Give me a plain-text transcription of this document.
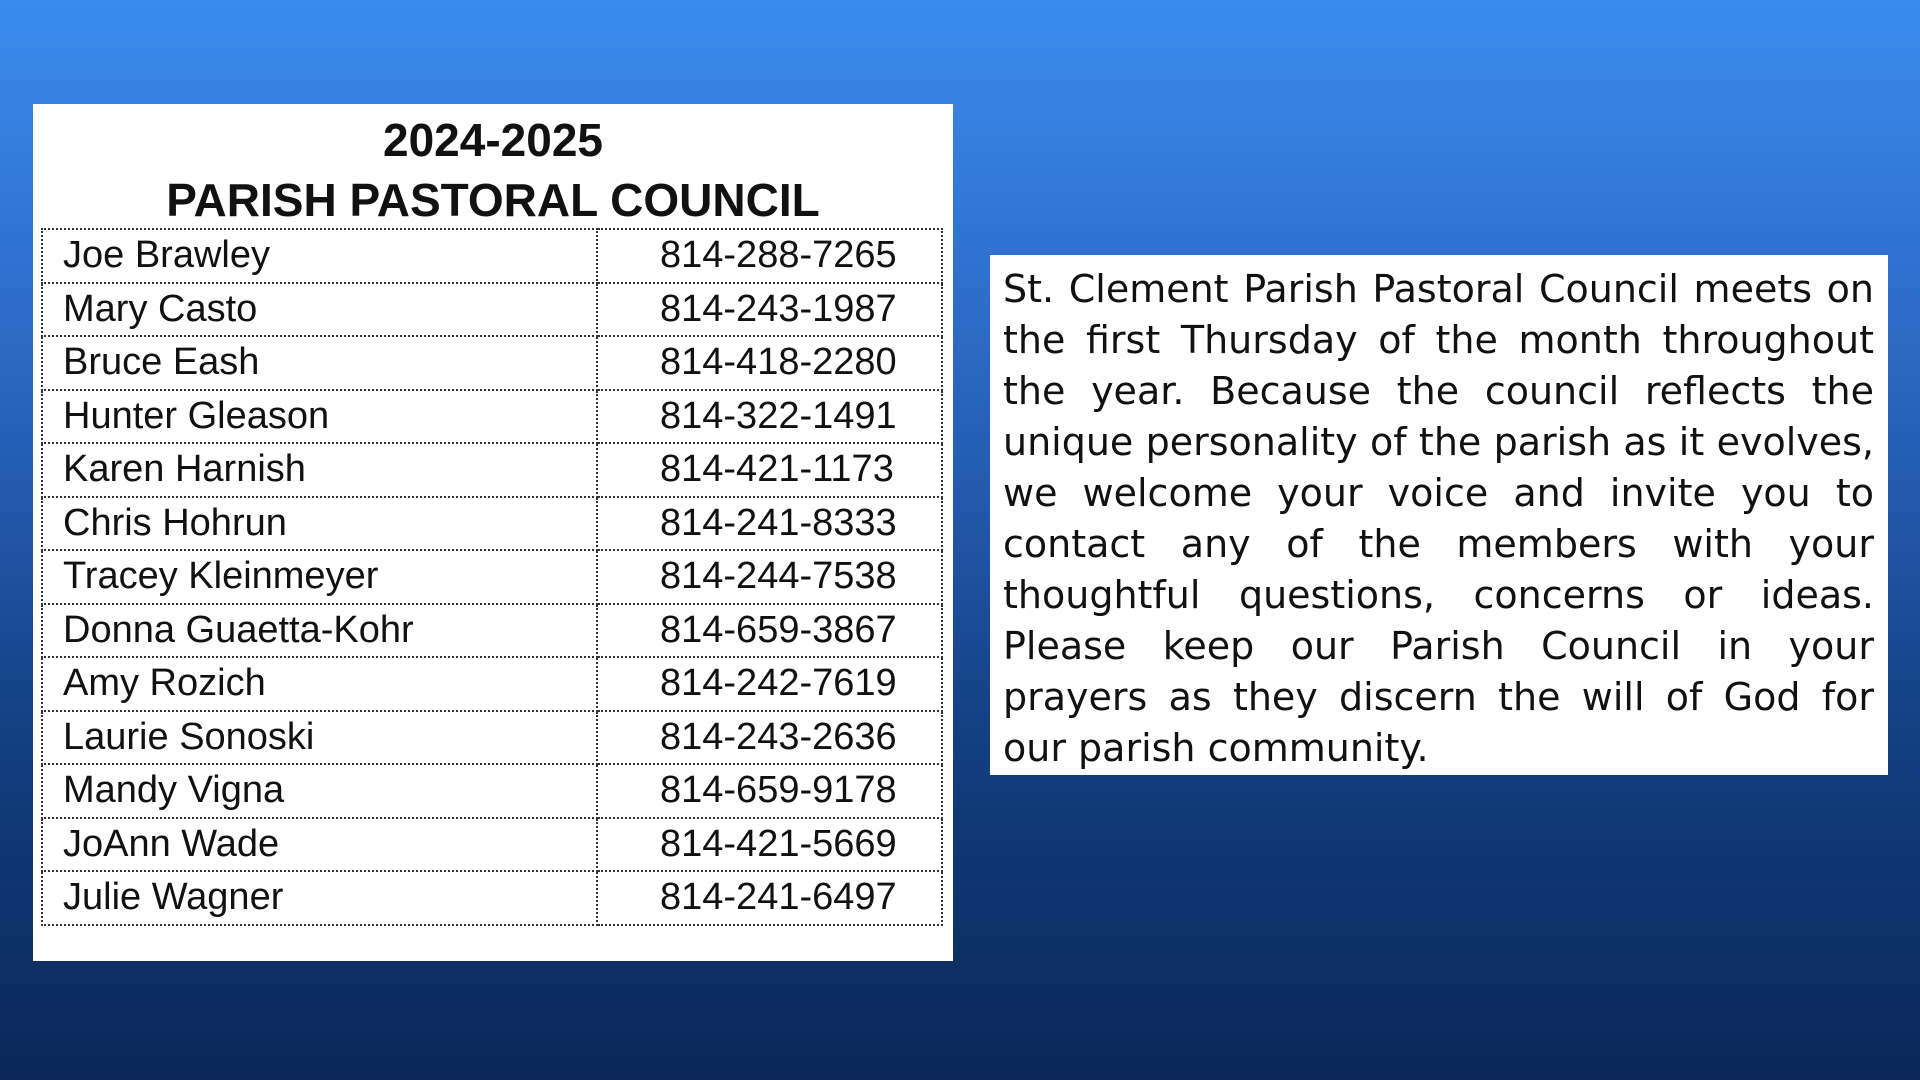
2024-2025
PARISH PASTORAL COUNCIL
Joe Brawley	814-288-7265
Mary Casto	814-243-1987
Bruce Eash	814-418-2280
Hunter Gleason	814-322-1491
Karen Harnish	814-421-1173
Chris Hohrun	814-241-8333
Tracey Kleinmeyer	814-244-7538
Donna Guaetta-Kohr	814-659-3867
Amy Rozich	814-242-7619
Laurie Sonoski	814-243-2636
Mandy Vigna	814-659-9178
JoAnn Wade	814-421-5669
Julie Wagner	814-241-6497

St. Clement Parish Pastoral Council meets on the first Thursday of the month throughout the year. Because the council reflects the unique personality of the parish as it evolves, we welcome your voice and invite you to contact any of the members with your thoughtful questions, concerns or ideas. Please keep our Parish Council in your prayers as they discern the will of God for our parish community.
